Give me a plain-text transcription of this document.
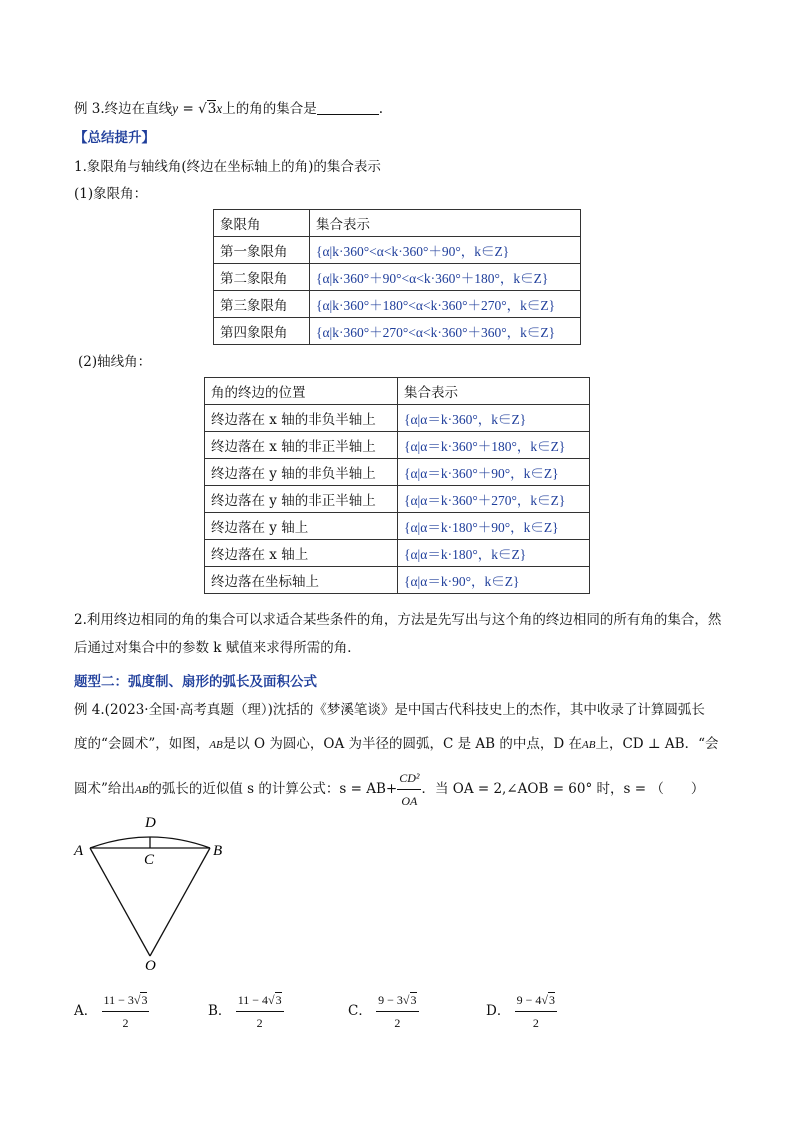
例 3.终边在直线y = √3x上的角的集合是	.
【总结提升】
1.象限角与轴线角(终边在坐标轴上的角)的集合表示
(1)象限角：
象限角	集合表示
第一象限角	{α|k·360°<α<k·360°＋90°，k∈Z}
第二象限角	{α|k·360°＋90°<α<k·360°＋180°，k∈Z}
第三象限角	{α|k·360°＋180°<α<k·360°＋270°，k∈Z}
第四象限角	{α|k·360°＋270°<α<k·360°＋360°，k∈Z}
(2)轴线角：
角的终边的位置	集合表示
终边落在 x 轴的非负半轴上	{α|α＝k·360°，k∈Z}
终边落在 x 轴的非正半轴上	{α|α＝k·360°＋180°，k∈Z}
终边落在 y 轴的非负半轴上	{α|α＝k·360°＋90°，k∈Z}
终边落在 y 轴的非正半轴上	{α|α＝k·360°＋270°，k∈Z}
终边落在 y 轴上	{α|α＝k·180°＋90°，k∈Z}
终边落在 x 轴上	{α|α＝k·180°，k∈Z}
终边落在坐标轴上	{α|α＝k·90°，k∈Z}
2.利用终边相同的角的集合可以求适合某些条件的角，方法是先写出与这个角的终边相同的所有角的集合，然后通过对集合中的参数 k 赋值来求得所需的角．
题型二：弧度制、扇形的弧长及面积公式
例 4.(2023·全国·高考真题（理）)沈括的《梦溪笔谈》是中国古代科技史上的杰作，其中收录了计算圆弧长
度的“会圆术”，如图，AB是以 O 为圆心，OA 为半径的圆弧，C 是 AB 的中点，D 在AB上，CD ⊥ AB．“会
圆术”给出AB的弧长的近似值 s 的计算公式：$s = AB+ \frac{\text{CD²}}{OA}$ ．当 OA = 2,∠AOB = 60° 时，s = （　　）
A	B
C
D
O
A． $\frac{11 - 3√3}{2}$	B． $\frac{11 - 4√3}{2}$	C． $\frac{9 - 3√3}{2}$	D． $\frac{9 - 4√3}{2}$
